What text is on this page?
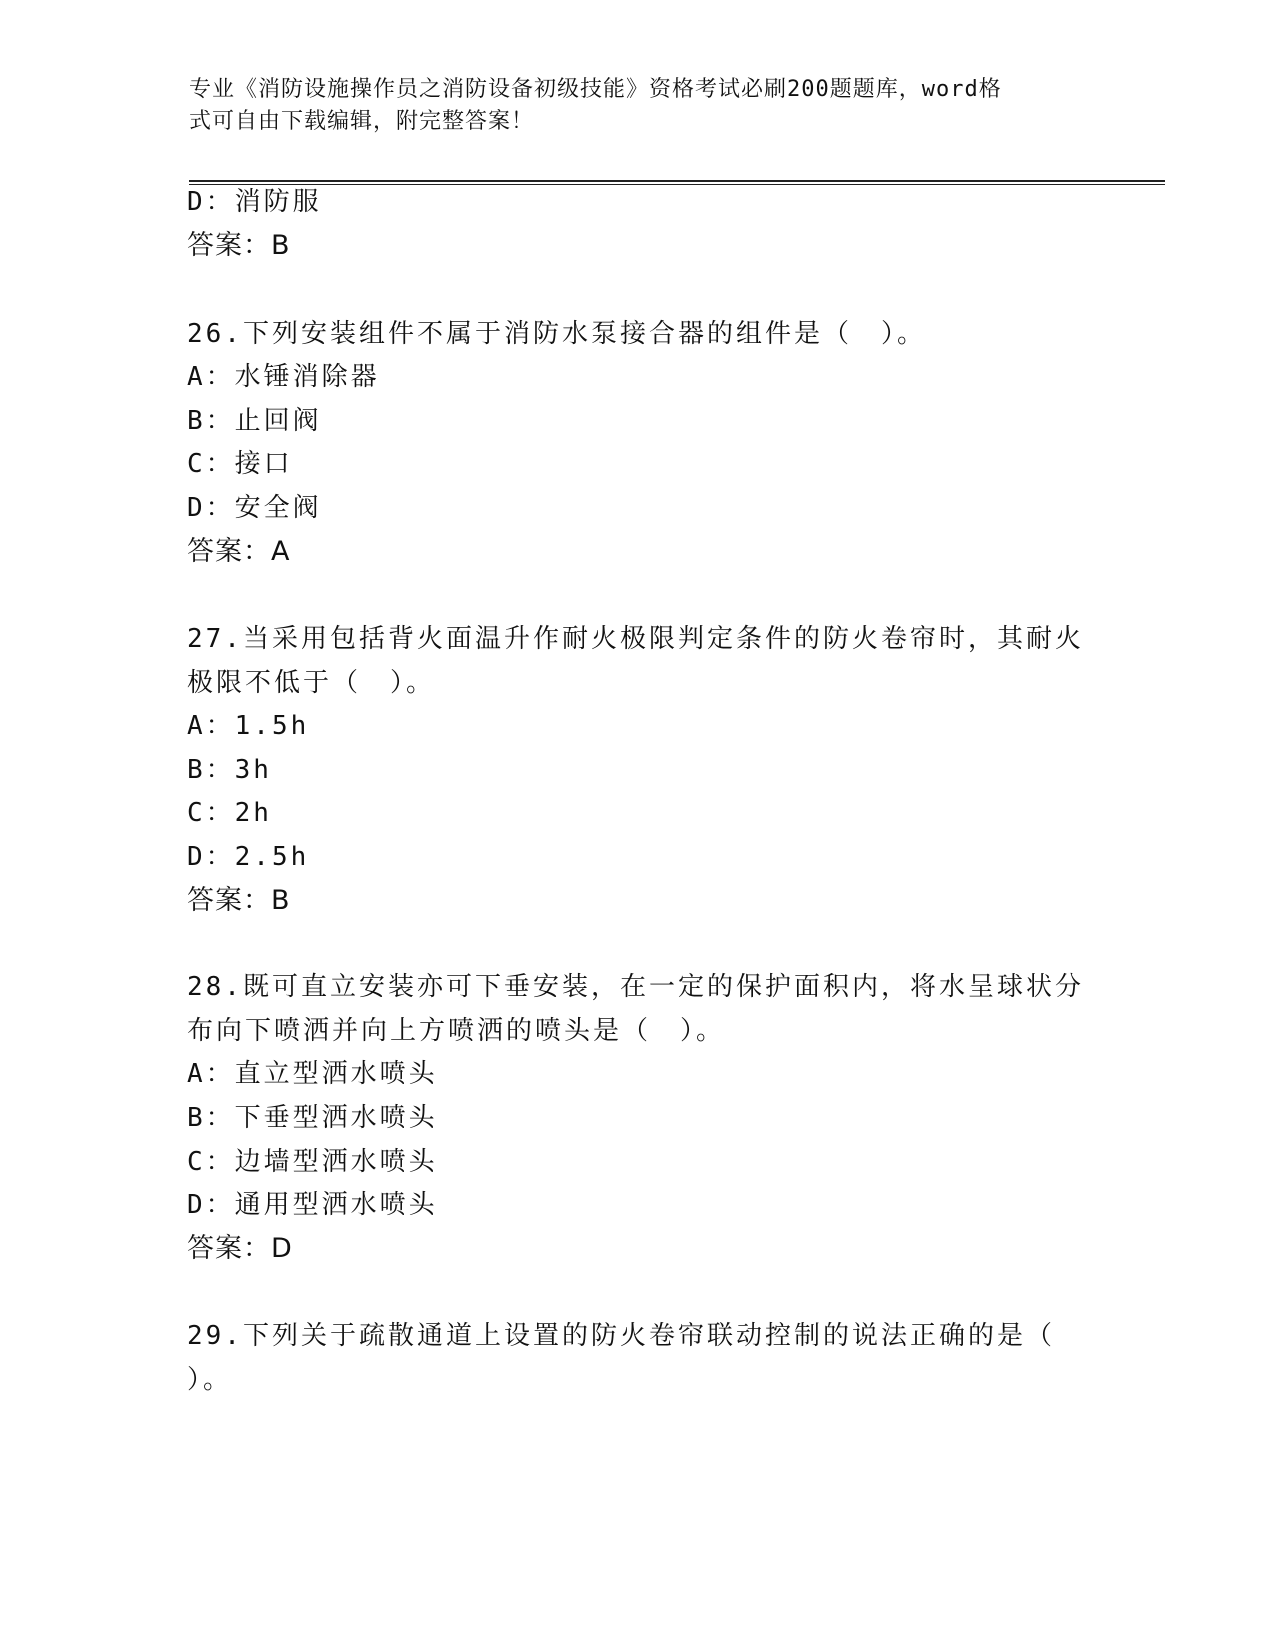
专业《消防设施操作员之消防设备初级技能》资格考试必刷200题题库，word格
式可自由下载编辑，附完整答案！
D：消防服
答案：B
26.下列安装组件不属于消防水泵接合器的组件是（　）。
A：水锤消除器
B：止回阀
C：接口
D：安全阀
答案：A
27.当采用包括背火面温升作耐火极限判定条件的防火卷帘时，其耐火
极限不低于（　）。
A：1.5h
B：3h
C：2h
D：2.5h
答案：B
28.既可直立安装亦可下垂安装，在一定的保护面积内，将水呈球状分
布向下喷洒并向上方喷洒的喷头是（　）。
A：直立型洒水喷头
B：下垂型洒水喷头
C：边墙型洒水喷头
D：通用型洒水喷头
答案：D
29.下列关于疏散通道上设置的防火卷帘联动控制的说法正确的是（
）。
